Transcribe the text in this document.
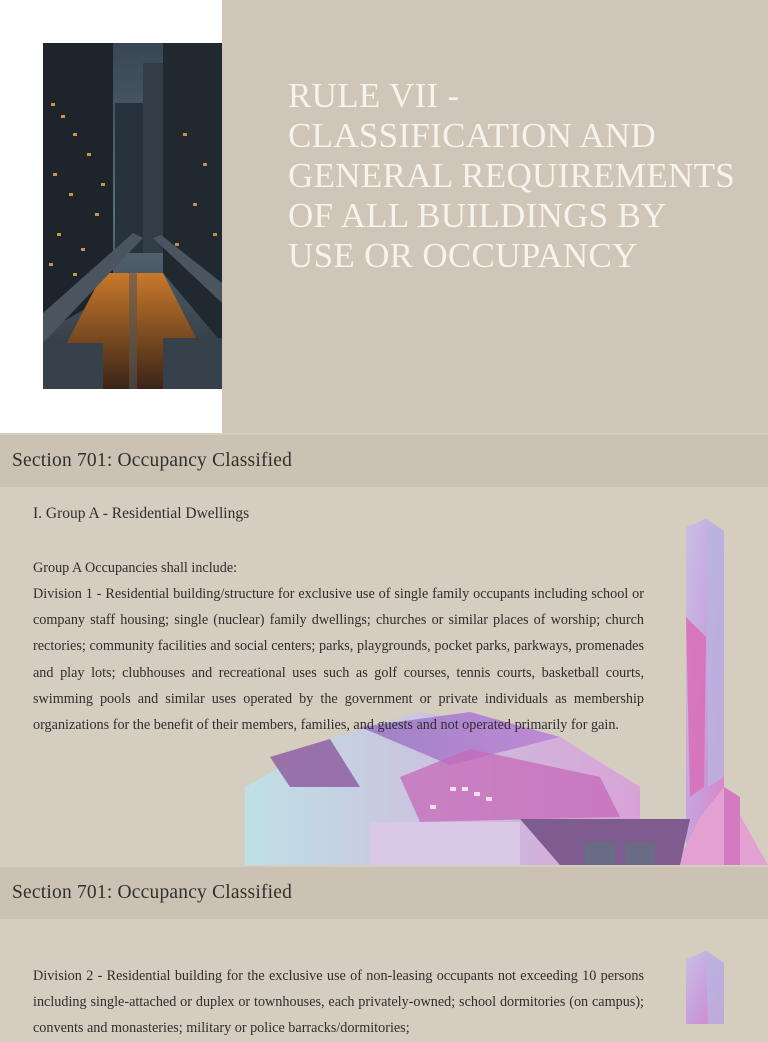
RULE VII - CLASSIFICATION AND GENERAL REQUIREMENTS OF ALL BUILDINGS BY USE OR OCCUPANCY
Section 701: Occupancy Classified
I. Group A - Residential Dwellings
Group A Occupancies shall include:
Division 1 - Residential building/structure for exclusive use of single family occupants including school or company staff housing; single (nuclear) family dwellings; churches or similar places of worship; church rectories; community facilities and social centers; parks, playgrounds, pocket parks, parkways, promenades and play lots; clubhouses and recreational uses such as golf courses, tennis courts, basketball courts, swimming pools and similar uses operated by the government or private individuals as membership organizations for the benefit of their members, families, and guests and not operated primarily for gain.
Section 701: Occupancy Classified
Division 2 - Residential building for the exclusive use of non-leasing occupants not exceeding 10 persons including single-attached or duplex or townhouses, each privately-owned; school dormitories (on campus); convents and monasteries; military or police barracks/dormitories;
